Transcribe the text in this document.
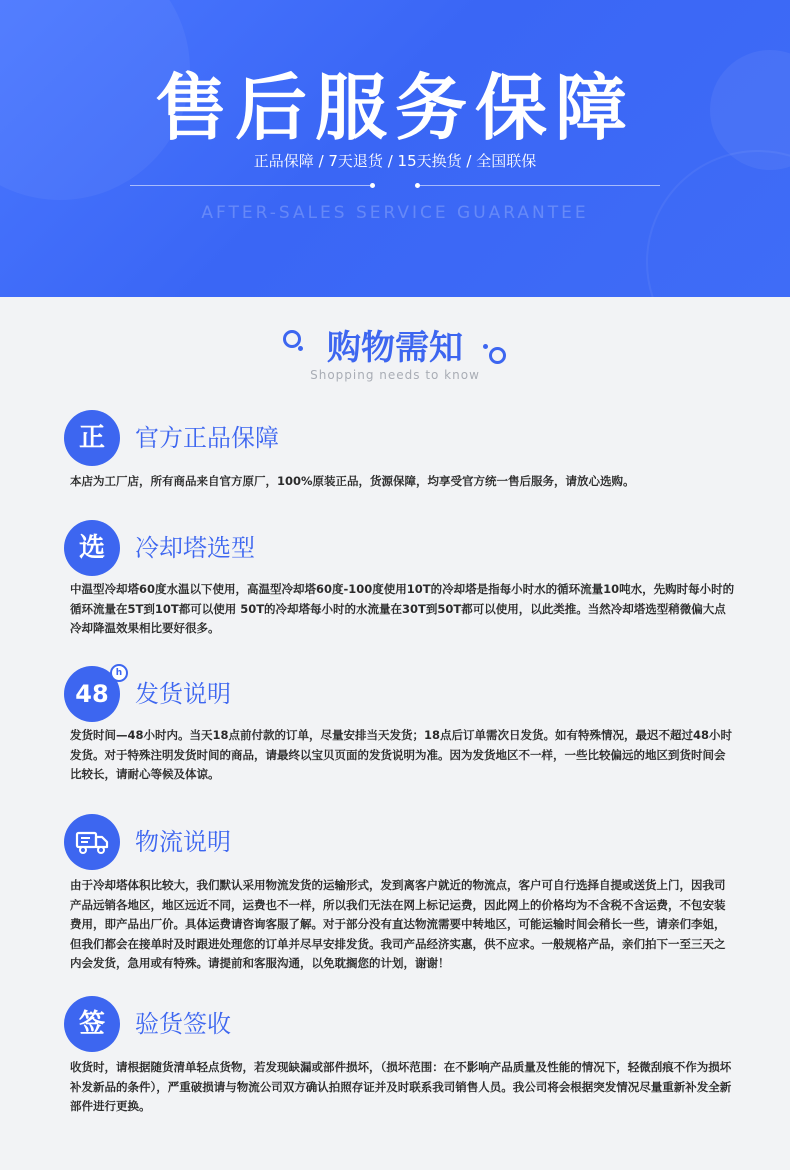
售后服务保障
正品保障 / 7天退货 / 15天换货 / 全国联保
AFTER-SALES SERVICE GUARANTEE
购物需知
Shopping needs to know
正	官方正品保障
本店为工厂店，所有商品来自官方原厂，100%原装正品，货源保障，均享受官方统一售后服务，请放心选购。
选	冷却塔选型
中温型冷却塔60度水温以下使用，高温型冷却塔60度-100度使用10T的冷却塔是指每小时水的循环流量10吨水，先购时每小时的循环流量在5T到10T都可以使用 50T的冷却塔每小时的水流量在30T到50T都可以使用，以此类推。当然冷却塔选型稍微偏大点冷却降温效果相比要好很多。
48
h
发货说明
发货时间—48小时内。当天18点前付款的订单，尽量安排当天发货；18点后订单需次日发货。如有特殊情况，最迟不超过48小时发货。对于特殊注明发货时间的商品，请最终以宝贝页面的发货说明为准。因为发货地区不一样，一些比较偏远的地区到货时间会比较长，请耐心等候及体谅。
物流说明
由于冷却塔体积比较大，我们默认采用物流发货的运输形式，发到离客户就近的物流点，客户可自行选择自提或送货上门，因我司产品远销各地区，地区远近不同，运费也不一样，所以我们无法在网上标记运费，因此网上的价格均为不含税不含运费，不包安装费用，即产品出厂价。具体运费请咨询客服了解。对于部分没有直达物流需要中转地区，可能运输时间会稍长一些，请亲们李姐，但我们都会在接单时及时跟进处理您的订单并尽早安排发货。我司产品经济实惠，供不应求。一般规格产品，亲们拍下一至三天之内会发货，急用或有特殊。请提前和客服沟通，以免耽搁您的计划，谢谢！
签	验货签收
收货时，请根据随货清单轻点货物，若发现缺漏或部件损坏，（损坏范围：在不影响产品质量及性能的情况下，轻微刮痕不作为损坏补发新品的条件），严重破损请与物流公司双方确认拍照存证并及时联系我司销售人员。我公司将会根据突发情况尽量重新补发全新部件进行更换。
